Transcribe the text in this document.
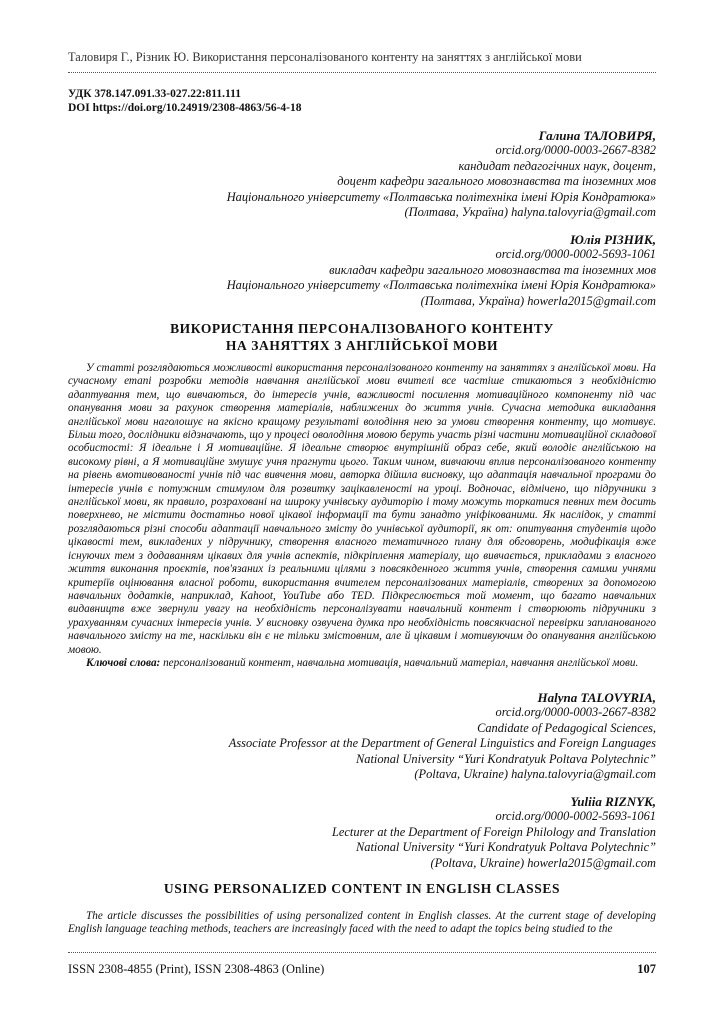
Таловиря Г., Різник Ю. Використання персоналізованого контенту на заняттях з англійської мови
УДК 378.147.091.33-027.22:811.111
DOI https://doi.org/10.24919/2308-4863/56-4-18
Галина ТАЛОВИРЯ,
orcid.org/0000-0003-2667-8382
кандидат педагогічних наук, доцент,
доцент кафедри загального мовознавства та іноземних мов
Національного університету «Полтавська політехніка імені Юрія Кондратюка»
(Полтава, Україна) halyna.talovyria@gmail.com
Юлія РІЗНИК,
orcid.org/0000-0002-5693-1061
викладач кафедри загального мовознавства та іноземних мов
Національного університету «Полтавська політехніка імені Юрія Кондратюка»
(Полтава, Україна) howerla2015@gmail.com
ВИКОРИСТАННЯ ПЕРСОНАЛІЗОВАНОГО КОНТЕНТУ
НА ЗАНЯТТЯХ З АНГЛІЙСЬКОЇ МОВИ

У статті розглядаються можливості використання персоналізованого контенту на заняттях з англійської мови. На сучасному етапі розробки методів навчання англійської мови вчителі все частіше стикаються з необхідністю адаптування тем, що вивчаються, до інтересів учнів, важливості посилення мотиваційного компоненту під час опанування мови за рахунок створення матеріалів, наближених до життя учнів. Сучасна методика викладання англійської мови наголошує на якісно кращому результаті володіння нею за умови створення контенту, що мотивує. Більш того, дослідники відзначають, що у процесі оволодіння мовою беруть участь різні частини мотиваційної складової особистості: Я ідеальне і Я мотиваційне. Я ідеальне створює внутрішній образ себе, який володіє англійською на високому рівні, а Я мотиваційне змушує учня прагнути цього. Таким чином, вивчаючи вплив персоналізованого контенту на рівень вмотивованості учнів під час вивчення мови, авторка дійшла висновку, що адаптація навчальної програми до інтересів учнів є потужним стимулом для розвитку зацікавленості на уроці. Водночас, відмічено, що підручники з англійської мови, як правило, розраховані на широку учнівську аудиторію і тому можуть торкатися певних тем досить поверхнево, не містити достатньо нової цікавої інформації та бути занадто уніфікованими. Як наслідок, у статті розглядаються різні способи адаптації навчального змісту до учнівської аудиторії, як от: опитування студентів щодо цікавості тем, викладених у підручнику, створення власного тематичного плану для обговорень, модифікація вже існуючих тем з додаванням цікавих для учнів аспектів, підкріплення матеріалу, що вивчається, прикладами з власного життя виконання проєктів, пов'язаних із реальними цілями з повсякденного життя учнів, створення самими учнями критеріїв оцінювання власної роботи, використання вчителем персоналізованих матеріалів, створених за допомогою навчальних додатків, наприклад, Kahoot, YouTube або TED. Підкреслюється той момент, що багато навчальних видавництв вже звернули увагу на необхідність персоналізувати навчальний контент і створюють підручники з урахуванням сучасних інтересів учнів. У висновку озвучена думка про необхідність повсякчасної перевірки запланованого навчального змісту на те, наскільки він є не тільки змістовним, але й цікавим і мотивуючим до опанування англійською мовою.

Ключові слова: персоналізований контент, навчальна мотивація, навчальний матеріал, навчання англійської мови.

Halyna TALOVYRIA,
orcid.org/0000-0003-2667-8382
Candidate of Pedagogical Sciences,
Associate Professor at the Department of General Linguistics and Foreign Languages
National University “Yuri Kondratyuk Poltava Polytechnic”
(Poltava, Ukraine) halyna.talovyria@gmail.com
Yuliia RIZNYK,
orcid.org/0000-0002-5693-1061
Lecturer at the Department of Foreign Philology and Translation
National University “Yuri Kondratyuk Poltava Polytechnic”
(Poltava, Ukraine) howerla2015@gmail.com
USING PERSONALIZED CONTENT IN ENGLISH CLASSES

The article discusses the possibilities of using personalized content in English classes. At the current stage of developing English language teaching methods, teachers are increasingly faced with the need to adapt the topics being studied to the

ISSN 2308-4855 (Print), ISSN 2308-4863 (Online)	107
